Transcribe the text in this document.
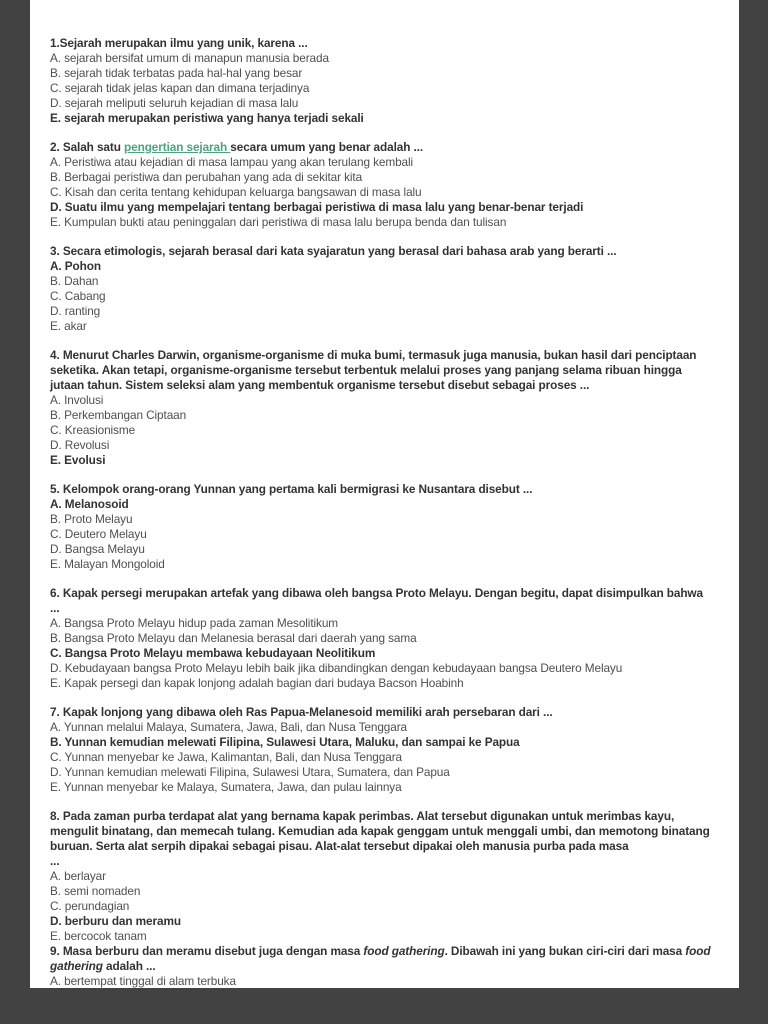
1.Sejarah merupakan ilmu yang unik, karena ...

A. sejarah bersifat umum di manapun manusia berada
B. sejarah tidak terbatas pada hal-hal yang besar
C. sejarah tidak jelas kapan dan dimana terjadinya
D. sejarah meliputi seluruh kejadian di masa lalu
E. sejarah merupakan peristiwa yang hanya terjadi sekali

2. Salah satu pengertian sejarah secara umum yang benar adalah ...

A. Peristiwa atau kejadian di masa lampau yang akan terulang kembali
B. Berbagai peristiwa dan perubahan yang ada di sekitar kita
C. Kisah dan cerita tentang kehidupan keluarga bangsawan di masa lalu
D. Suatu ilmu yang mempelajari tentang berbagai peristiwa di masa lalu yang benar-benar terjadi
E. Kumpulan bukti atau peninggalan dari peristiwa di masa lalu berupa benda dan tulisan

3. Secara etimologis, sejarah berasal dari kata syajaratun yang berasal dari bahasa arab yang berarti ...

A. Pohon
B. Dahan
C. Cabang
D. ranting
E. akar

4. Menurut Charles Darwin, organisme-organisme di muka bumi, termasuk juga manusia, bukan hasil dari penciptaan seketika. Akan tetapi, organisme-organisme tersebut terbentuk melalui proses yang panjang selama ribuan hingga jutaan tahun. Sistem seleksi alam yang membentuk organisme tersebut disebut sebagai proses ...

A. Involusi
B. Perkembangan Ciptaan
C. Kreasionisme
D. Revolusi
E. Evolusi

5. Kelompok orang-orang Yunnan yang pertama kali bermigrasi ke Nusantara disebut ...

A. Melanosoid
B. Proto Melayu
C. Deutero Melayu
D. Bangsa Melayu
E. Malayan Mongoloid

6. Kapak persegi merupakan artefak yang dibawa oleh bangsa Proto Melayu. Dengan begitu, dapat disimpulkan bahwa ...

A. Bangsa Proto Melayu hidup pada zaman Mesolitikum
B. Bangsa Proto Melayu dan Melanesia berasal dari daerah yang sama
C. Bangsa Proto Melayu membawa kebudayaan Neolitikum
D. Kebudayaan bangsa Proto Melayu lebih baik jika dibandingkan dengan kebudayaan bangsa Deutero Melayu
E. Kapak persegi dan kapak lonjong adalah bagian dari budaya Bacson Hoabinh

7. Kapak lonjong yang dibawa oleh Ras Papua-Melanesoid memiliki arah persebaran dari ...

A. Yunnan melalui Malaya, Sumatera, Jawa, Bali, dan Nusa Tenggara
B. Yunnan kemudian melewati Filipina, Sulawesi Utara, Maluku, dan sampai ke Papua
C. Yunnan menyebar ke Jawa, Kalimantan, Bali, dan Nusa Tenggara
D. Yunnan kemudian melewati Filipina, Sulawesi Utara, Sumatera, dan Papua
E. Yunnan menyebar ke Malaya, Sumatera, Jawa, dan pulau lainnya

8. Pada zaman purba terdapat alat yang bernama kapak perimbas. Alat tersebut digunakan untuk merimbas kayu, mengulit binatang, dan memecah tulang. Kemudian ada kapak genggam untuk menggali umbi, dan memotong binatang buruan. Serta alat serpih dipakai sebagai pisau. Alat-alat tersebut dipakai oleh manusia purba pada masa
...

A. berlayar
B. semi nomaden
C. perundagian
D. berburu dan meramu
E. bercocok tanam

9. Masa berburu dan meramu disebut juga dengan masa food gathering. Dibawah ini yang bukan ciri-ciri dari masa food gathering adalah ...

A. bertempat tinggal di alam terbuka
